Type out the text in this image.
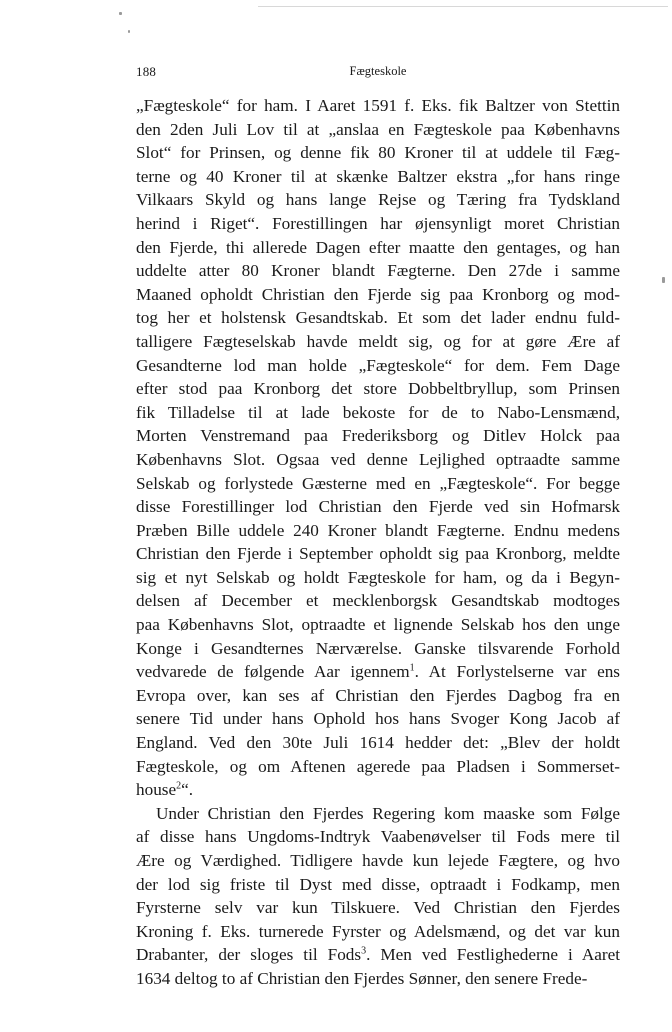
188	Fægteskole
„Fægteskole“ for ham. I Aaret 1591 f. Eks. fik Baltzer von Stettin
den 2den Juli Lov til at „anslaa en Fægteskole paa Københavns
Slot“ for Prinsen, og denne fik 80 Kroner til at uddele til Fæg-
terne og 40 Kroner til at skænke Baltzer ekstra „for hans ringe
Vilkaars Skyld og hans lange Rejse og Tæring fra Tydskland
herind i Riget“. Forestillingen har øjensynligt moret Christian
den Fjerde, thi allerede Dagen efter maatte den gentages, og han
uddelte atter 80 Kroner blandt Fægterne. Den 27de i samme
Maaned opholdt Christian den Fjerde sig paa Kronborg og mod-
tog her et holstensk Gesandtskab. Et som det lader endnu fuld-
talligere Fægteselskab havde meldt sig, og for at gøre Ære af
Gesandterne lod man holde „Fægteskole“ for dem. Fem Dage
efter stod paa Kronborg det store Dobbeltbryllup, som Prinsen
fik Tilladelse til at lade bekoste for de to Nabo-Lensmænd,
Morten Venstremand paa Frederiksborg og Ditlev Holck paa
Københavns Slot. Ogsaa ved denne Lejlighed optraadte samme
Selskab og forlystede Gæsterne med en „Fægteskole“. For begge
disse Forestillinger lod Christian den Fjerde ved sin Hofmarsk
Præben Bille uddele 240 Kroner blandt Fægterne. Endnu medens
Christian den Fjerde i September opholdt sig paa Kronborg, meldte
sig et nyt Selskab og holdt Fægteskole for ham, og da i Begyn-
delsen af December et mecklenborgsk Gesandtskab modtoges
paa Københavns Slot, optraadte et lignende Selskab hos den unge
Konge i Gesandternes Nærværelse. Ganske tilsvarende Forhold
vedvarede de følgende Aar igennem$^1$. At Forlystelserne var ens
Evropa over, kan ses af Christian den Fjerdes Dagbog fra en
senere Tid under hans Ophold hos hans Svoger Kong Jacob af
England. Ved den 30te Juli 1614 hedder det: „Blev der holdt
Fægteskole, og om Aftenen agerede paa Pladsen i Sommerset-
house$^2$“.
Under Christian den Fjerdes Regering kom maaske som Følge
af disse hans Ungdoms-Indtryk Vaabenøvelser til Fods mere til
Ære og Værdighed. Tidligere havde kun lejede Fægtere, og hvo
der lod sig friste til Dyst med disse, optraadt i Fodkamp, men
Fyrsterne selv var kun Tilskuere. Ved Christian den Fjerdes
Kroning f. Eks. turnerede Fyrster og Adelsmænd, og det var kun
Drabanter, der sloges til Fods$^3$. Men ved Festlighederne i Aaret
1634 deltog to af Christian den Fjerdes Sønner, den senere Frede-
